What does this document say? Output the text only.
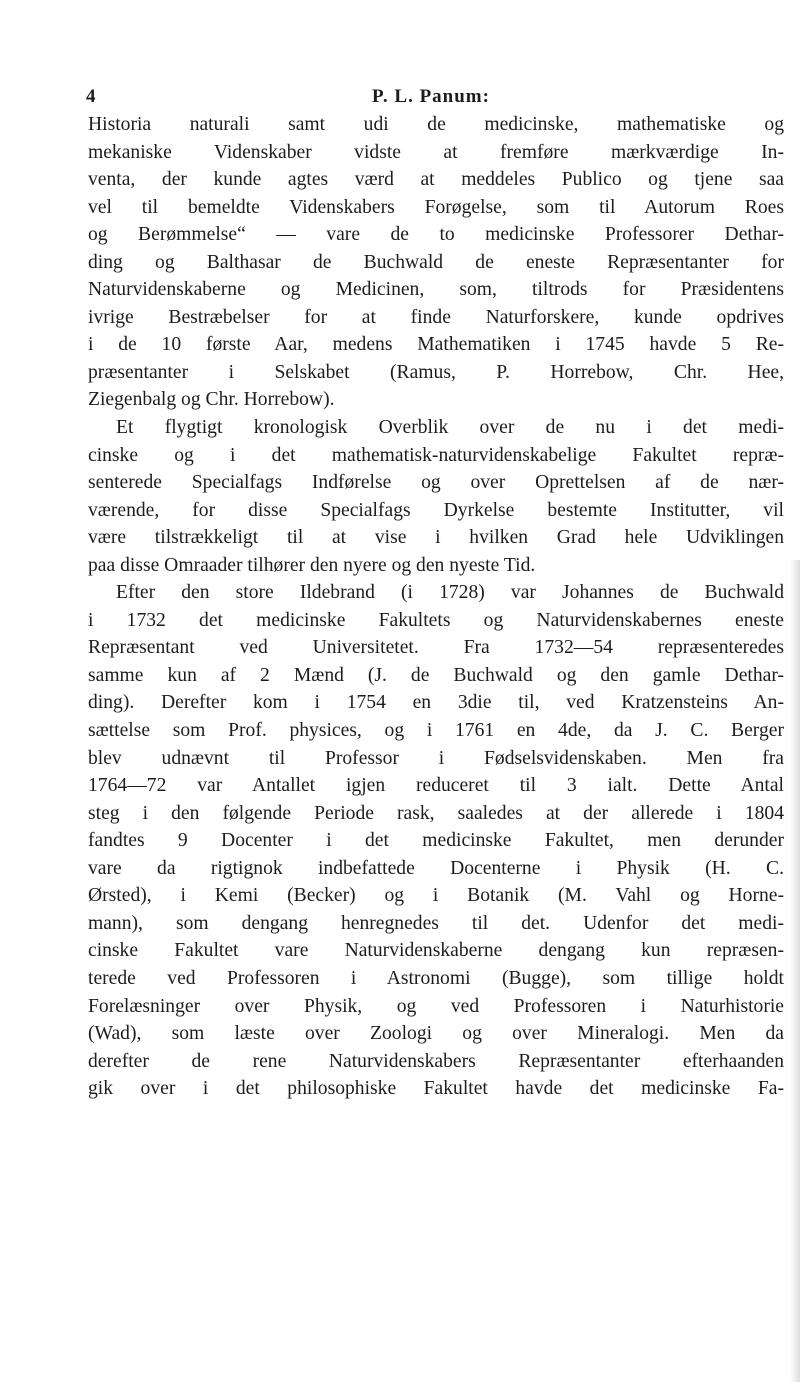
4	P. L. Panum:
Historia naturali samt udi de medicinske, mathematiske og
mekaniske Videnskaber vidste at fremføre mærkværdige In-
venta, der kunde agtes værd at meddeles Publico og tjene saa
vel til bemeldte Videnskabers Forøgelse, som til Autorum Roes
og Berømmelse“ — vare de to medicinske Professorer Dethar-
ding og Balthasar de Buchwald de eneste Repræsentanter for
Naturvidenskaberne og Medicinen, som, tiltrods for Præsidentens
ivrige Bestræbelser for at finde Naturforskere, kunde opdrives
i de 10 første Aar, medens Mathematiken i 1745 havde 5 Re-
præsentanter i Selskabet (Ramus, P. Horrebow, Chr. Hee,
Ziegenbalg og Chr. Horrebow).
Et flygtigt kronologisk Overblik over de nu i det medi-
cinske og i det mathematisk-naturvidenskabelige Fakultet repræ-
senterede Specialfags Indførelse og over Oprettelsen af de nær-
værende, for disse Specialfags Dyrkelse bestemte Institutter, vil
være tilstrækkeligt til at vise i hvilken Grad hele Udviklingen
paa disse Omraader tilhører den nyere og den nyeste Tid.
Efter den store Ildebrand (i 1728) var Johannes de Buchwald
i 1732 det medicinske Fakultets og Naturvidenskabernes eneste
Repræsentant ved Universitetet. Fra 1732—54 repræsenteredes
samme kun af 2 Mænd (J. de Buchwald og den gamle Dethar-
ding). Derefter kom i 1754 en 3die til, ved Kratzensteins An-
sættelse som Prof. physices, og i 1761 en 4de, da J. C. Berger
blev udnævnt til Professor i Fødselsvidenskaben. Men fra
1764—72 var Antallet igjen reduceret til 3 ialt. Dette Antal
steg i den følgende Periode rask, saaledes at der allerede i 1804
fandtes 9 Docenter i det medicinske Fakultet, men derunder
vare da rigtignok indbefattede Docenterne i Physik (H. C.
Ørsted), i Kemi (Becker) og i Botanik (M. Vahl og Horne-
mann), som dengang henregnedes til det. Udenfor det medi-
cinske Fakultet vare Naturvidenskaberne dengang kun repræsen-
terede ved Professoren i Astronomi (Bugge), som tillige holdt
Forelæsninger over Physik, og ved Professoren i Naturhistorie
(Wad), som læste over Zoologi og over Mineralogi. Men da
derefter de rene Naturvidenskabers Repræsentanter efterhaanden
gik over i det philosophiske Fakultet havde det medicinske Fa-
